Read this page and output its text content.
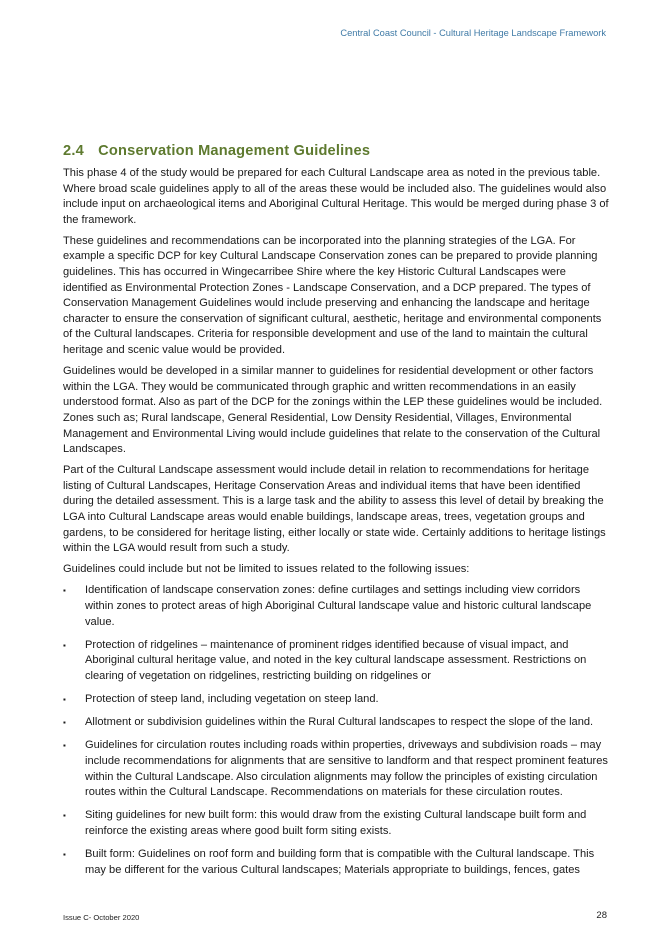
Central Coast Council - Cultural Heritage Landscape Framework
2.4 Conservation Management Guidelines

This phase 4 of the study would be prepared for each Cultural Landscape area as noted in the previous table. Where broad scale guidelines apply to all of the areas these would be included also. The guidelines would also include input on archaeological items and Aboriginal Cultural Heritage. This would be merged during phase 3 of the framework.

These guidelines and recommendations can be incorporated into the planning strategies of the LGA. For example a specific DCP for key Cultural Landscape Conservation zones can be prepared to provide planning guidelines. This has occurred in Wingecarribee Shire where the key Historic Cultural Landscapes were identified as Environmental Protection Zones - Landscape Conservation, and a DCP prepared. The types of Conservation Management Guidelines would include preserving and enhancing the landscape and heritage character to ensure the conservation of significant cultural, aesthetic, heritage and environmental components of the Cultural landscapes. Criteria for responsible development and use of the land to maintain the cultural heritage and scenic value would be provided.

Guidelines would be developed in a similar manner to guidelines for residential development or other factors within the LGA. They would be communicated through graphic and written recommendations in an easily understood format. Also as part of the DCP for the zonings within the LEP these guidelines would be included. Zones such as; Rural landscape, General Residential, Low Density Residential, Villages, Environmental Management and Environmental Living would include guidelines that relate to the conservation of the Cultural Landscapes.

Part of the Cultural Landscape assessment would include detail in relation to recommendations for heritage listing of Cultural Landscapes, Heritage Conservation Areas and individual items that have been identified during the detailed assessment. This is a large task and the ability to assess this level of detail by breaking the LGA into Cultural Landscape areas would enable buildings, landscape areas, trees, vegetation groups and gardens, to be considered for heritage listing, either locally or state wide. Certainly additions to heritage listings within the LGA would result from such a study.

Guidelines could include but not be limited to issues related to the following issues:

▪ Identification of landscape conservation zones: define curtilages and settings including view corridors within zones to protect areas of high Aboriginal Cultural landscape value and historic cultural landscape value.
▪ Protection of ridgelines – maintenance of prominent ridges identified because of visual impact, and Aboriginal cultural heritage value, and noted in the key cultural landscape assessment. Restrictions on clearing of vegetation on ridgelines, restricting building on ridgelines or
▪ Protection of steep land, including vegetation on steep land.
▪ Allotment or subdivision guidelines within the Rural Cultural landscapes to respect the slope of the land.
▪ Guidelines for circulation routes including roads within properties, driveways and subdivision roads – may include recommendations for alignments that are sensitive to landform and that respect prominent features within the Cultural Landscape. Also circulation alignments may follow the principles of existing circulation routes within the Cultural Landscape. Recommendations on materials for these circulation routes.
▪ Siting guidelines for new built form: this would draw from the existing Cultural landscape built form and reinforce the existing areas where good built form siting exists.
▪ Built form: Guidelines on roof form and building form that is compatible with the Cultural landscape. This may be different for the various Cultural landscapes; Materials appropriate to buildings, fences, gates
Issue C- October 2020	28
